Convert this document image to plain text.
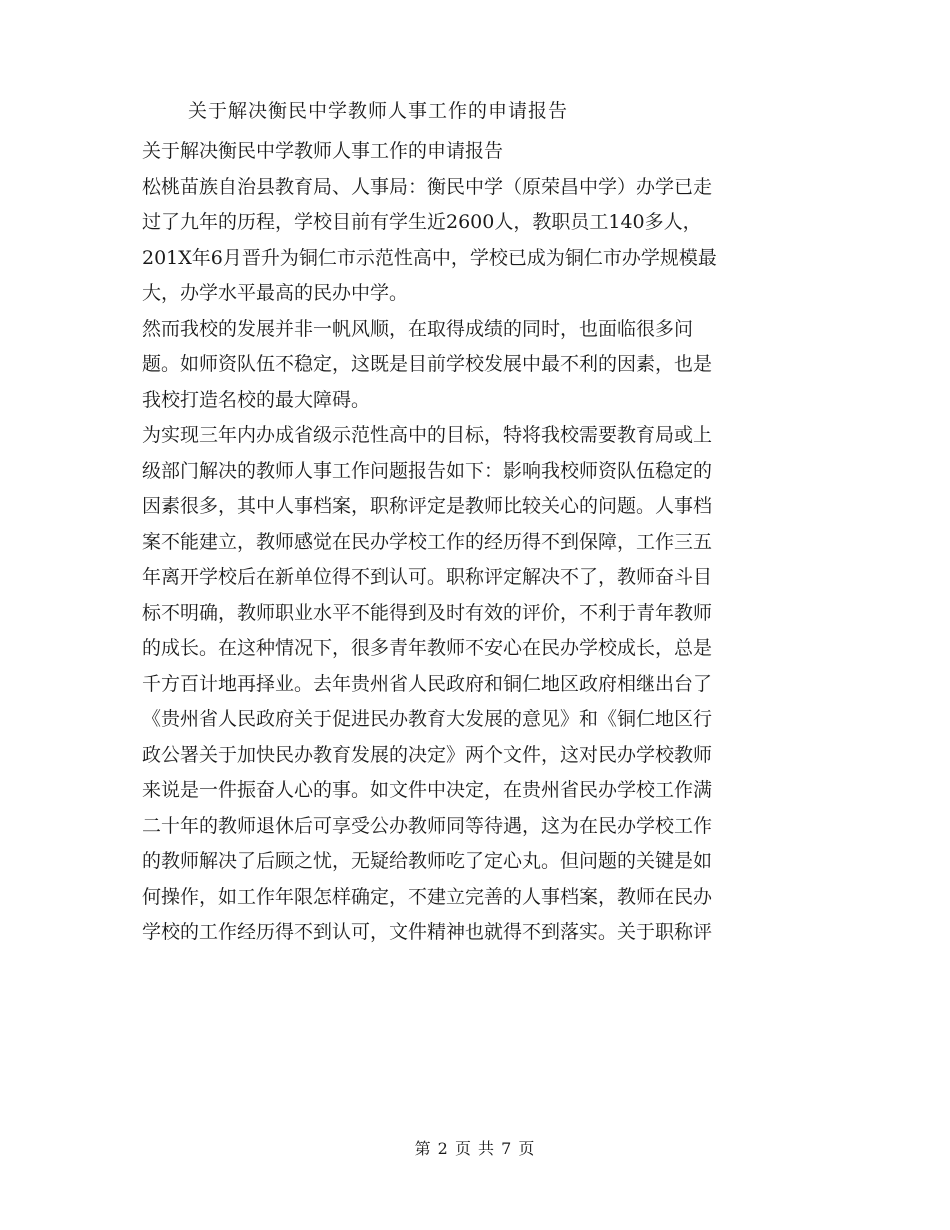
关于解决衡民中学教师人事工作的申请报告
关于解决衡民中学教师人事工作的申请报告
松桃苗族自治县教育局、人事局：衡民中学（原荣昌中学）办学已走
过了九年的历程，学校目前有学生近2600人，教职员工140多人，
201X年6月晋升为铜仁市示范性高中，学校已成为铜仁市办学规模最
大，办学水平最高的民办中学。
然而我校的发展并非一帆风顺，在取得成绩的同时，也面临很多问
题。如师资队伍不稳定，这既是目前学校发展中最不利的因素，也是
我校打造名校的最大障碍。
为实现三年内办成省级示范性高中的目标，特将我校需要教育局或上
级部门解决的教师人事工作问题报告如下：影响我校师资队伍稳定的
因素很多，其中人事档案，职称评定是教师比较关心的问题。人事档
案不能建立，教师感觉在民办学校工作的经历得不到保障，工作三五
年离开学校后在新单位得不到认可。职称评定解决不了，教师奋斗目
标不明确，教师职业水平不能得到及时有效的评价，不利于青年教师
的成长。在这种情况下，很多青年教师不安心在民办学校成长，总是
千方百计地再择业。去年贵州省人民政府和铜仁地区政府相继出台了
《贵州省人民政府关于促进民办教育大发展的意见》和《铜仁地区行
政公署关于加快民办教育发展的决定》两个文件，这对民办学校教师
来说是一件振奋人心的事。如文件中决定，在贵州省民办学校工作满
二十年的教师退休后可享受公办教师同等待遇，这为在民办学校工作
的教师解决了后顾之忧，无疑给教师吃了定心丸。但问题的关键是如
何操作，如工作年限怎样确定，不建立完善的人事档案，教师在民办
学校的工作经历得不到认可，文件精神也就得不到落实。关于职称评
第 2 页 共 7 页
